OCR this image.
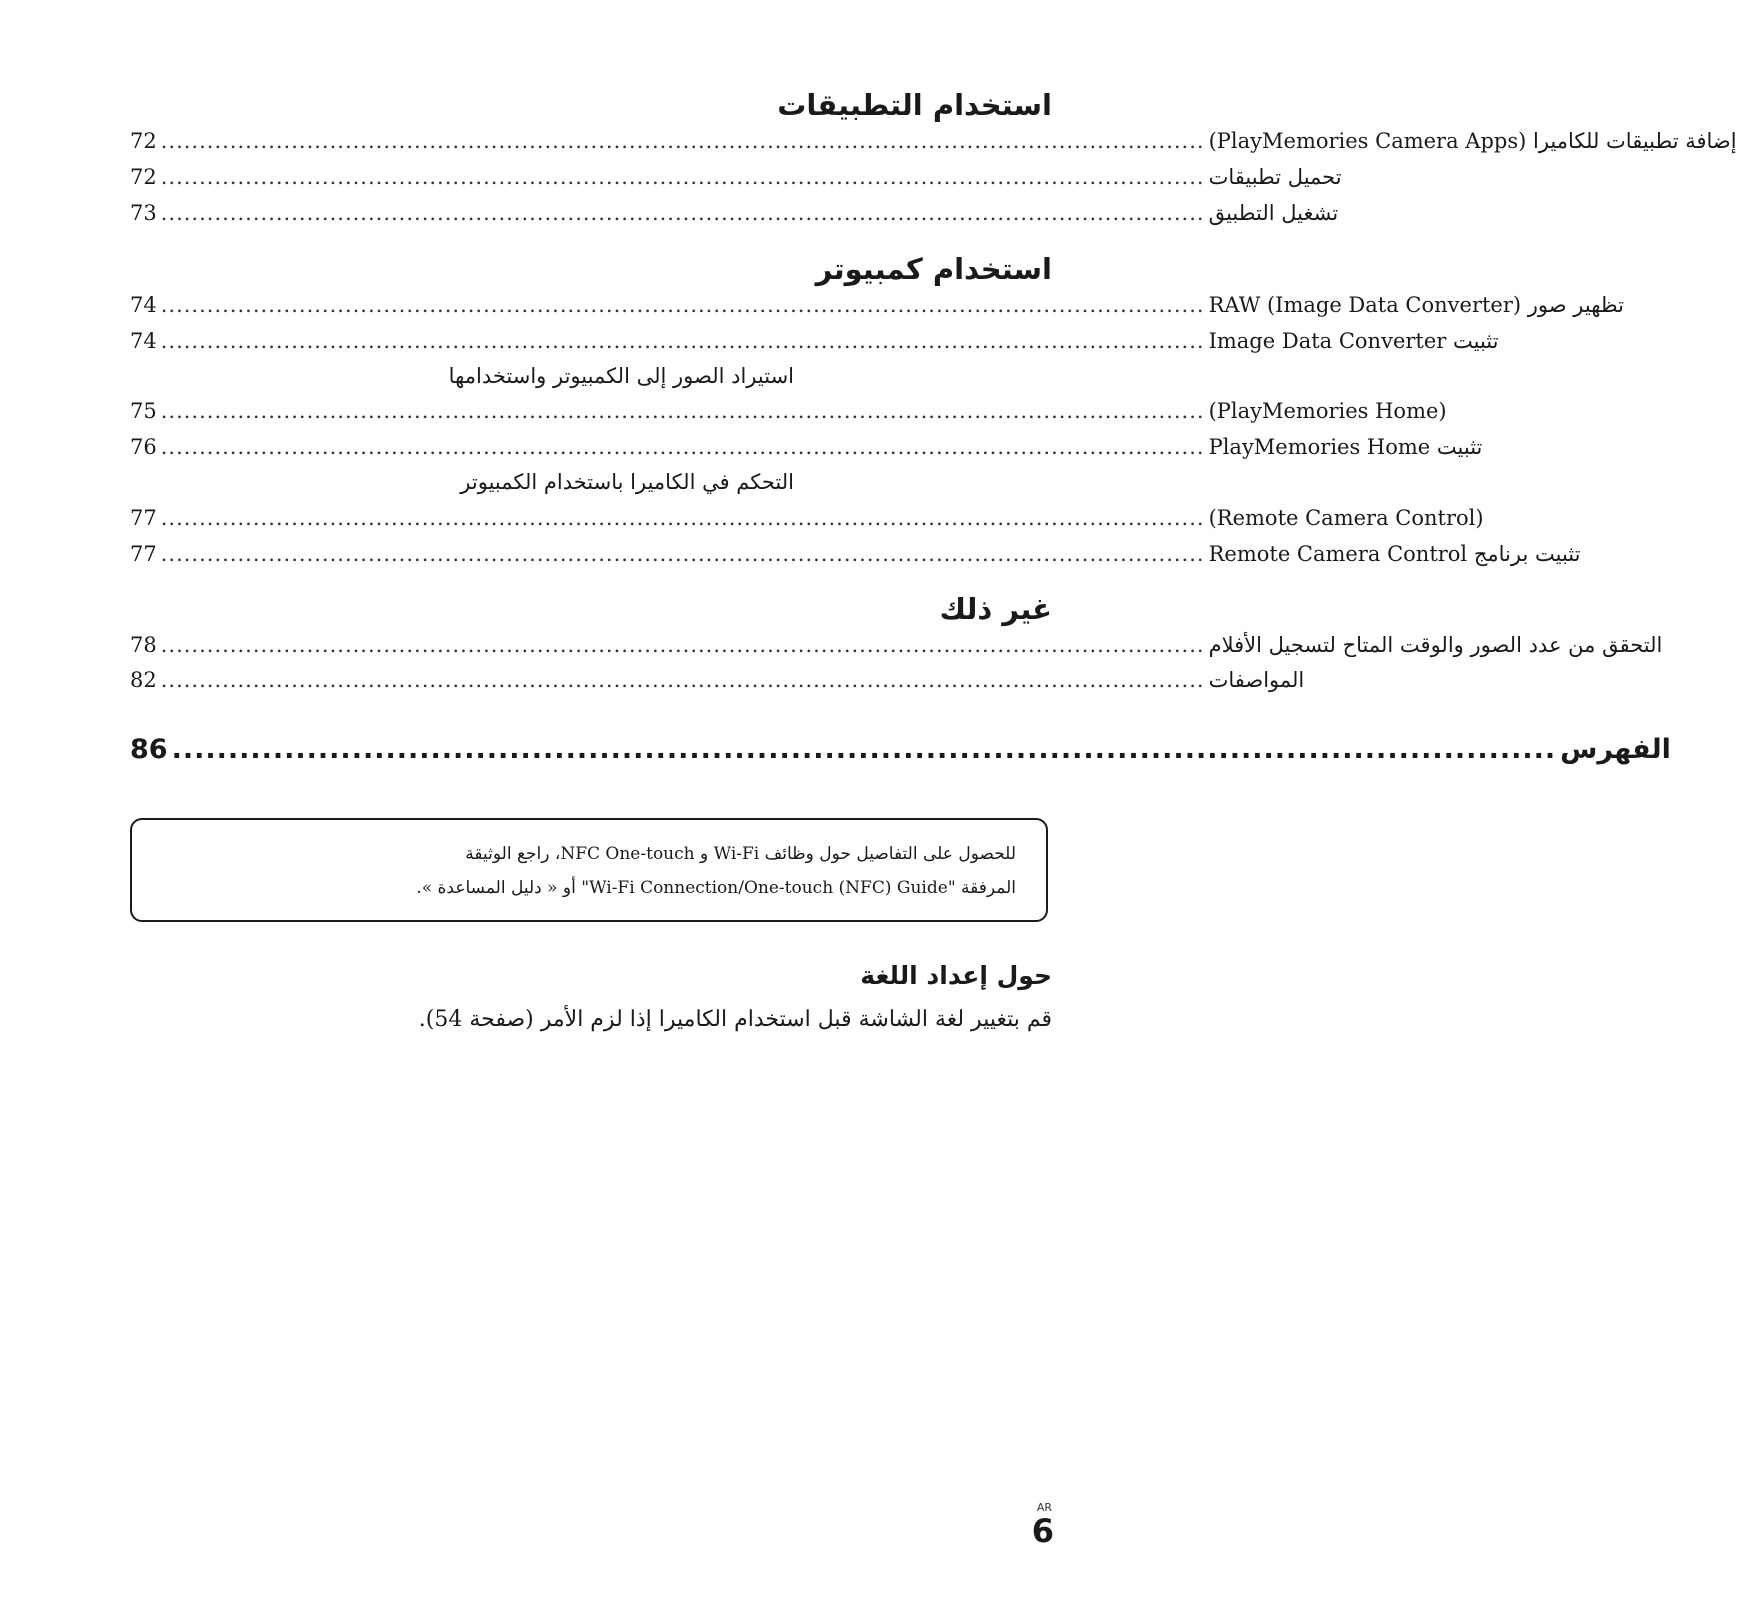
استخدام التطبيقات
72 ........................................................................................................................................ إضافة تطبيقات للكاميرا (PlayMemories Camera Apps)
72 ........................................................................................................................................ تحميل تطبيقات
73 ........................................................................................................................................ تشغيل التطبيق
استخدام كمبيوتر
74 ........................................................................................................................................ تظهير صور RAW (Image Data Converter)
74 ........................................................................................................................................ تثبيت Image Data Converter
استيراد الصور إلى الكمبيوتر واستخدامها
75 ........................................................................................................................................ (PlayMemories Home)
76 ........................................................................................................................................ تثبيت PlayMemories Home
التحكم في الكاميرا باستخدام الكمبيوتر
77 ........................................................................................................................................ (Remote Camera Control)
77 ........................................................................................................................................ تثبيت برنامج Remote Camera Control
غير ذلك
78 ........................................................................................................................................ التحقق من عدد الصور والوقت المتاح لتسجيل الأفلام
82 ........................................................................................................................................ المواصفات
86 ........................................................................................................................... الفهرس
للحصول على التفاصيل حول وظائف Wi-Fi و NFC One-touch، راجع الوثيقة
المرفقة "Wi-Fi Connection/One-touch (NFC) Guide" أو « دليل المساعدة ».
حول إعداد اللغة
قم بتغيير لغة الشاشة قبل استخدام الكاميرا إذا لزم الأمر (صفحة 54).
AR
6
